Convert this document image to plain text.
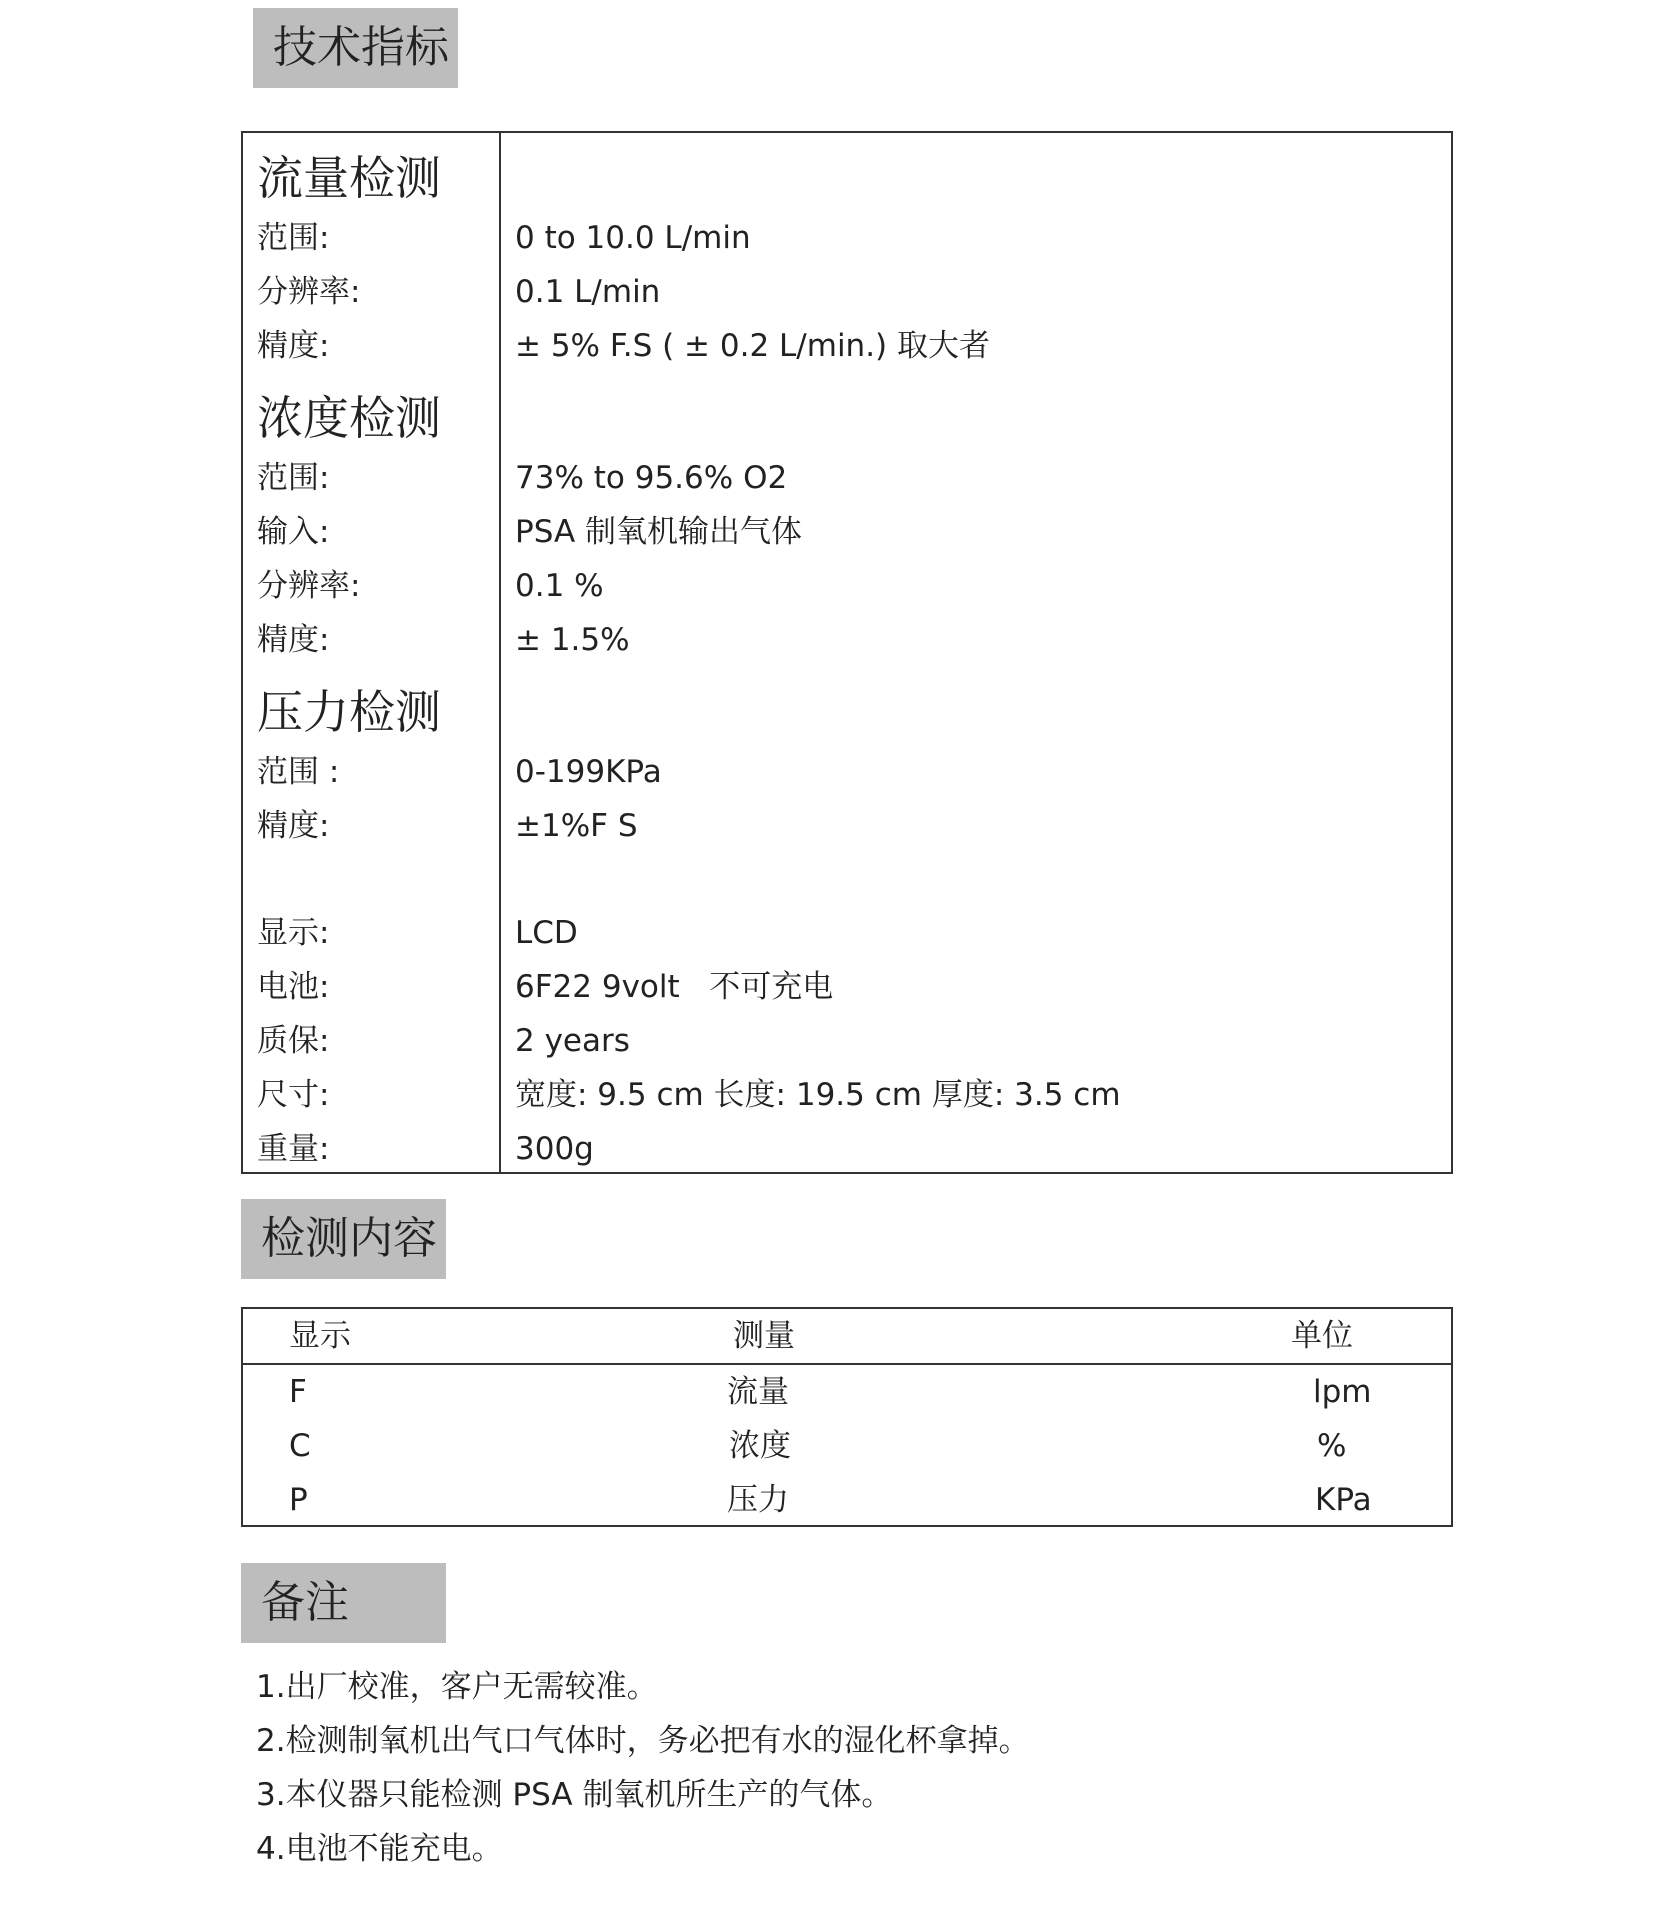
技术指标
流量检测
范围:	0 to 10.0 L/min
分辨率:	0.1 L/min
精度:	± 5% F.S ( ± 0.2 L/min.) 取大者
浓度检测
范围:	73% to 95.6% O2
输入:	PSA 制氧机输出气体
分辨率:	0.1 %
精度:	± 1.5%
压力检测
范围 :	0-199KPa
精度:	±1%F S
显示:	LCD
电池:	6F22 9volt   不可充电
质保:	2 years
尺寸:	宽度: 9.5 cm 长度: 19.5 cm 厚度: 3.5 cm
重量:	300g
检测内容
显示	测量	单位
F	流量	lpm
C	浓度	%
P	压力	KPa
备注
1.出厂校准，客户无需较准。
2.检测制氧机出气口气体时，务必把有水的湿化杯拿掉。
3.本仪器只能检测 PSA 制氧机所生产的气体。
4.电池不能充电。
